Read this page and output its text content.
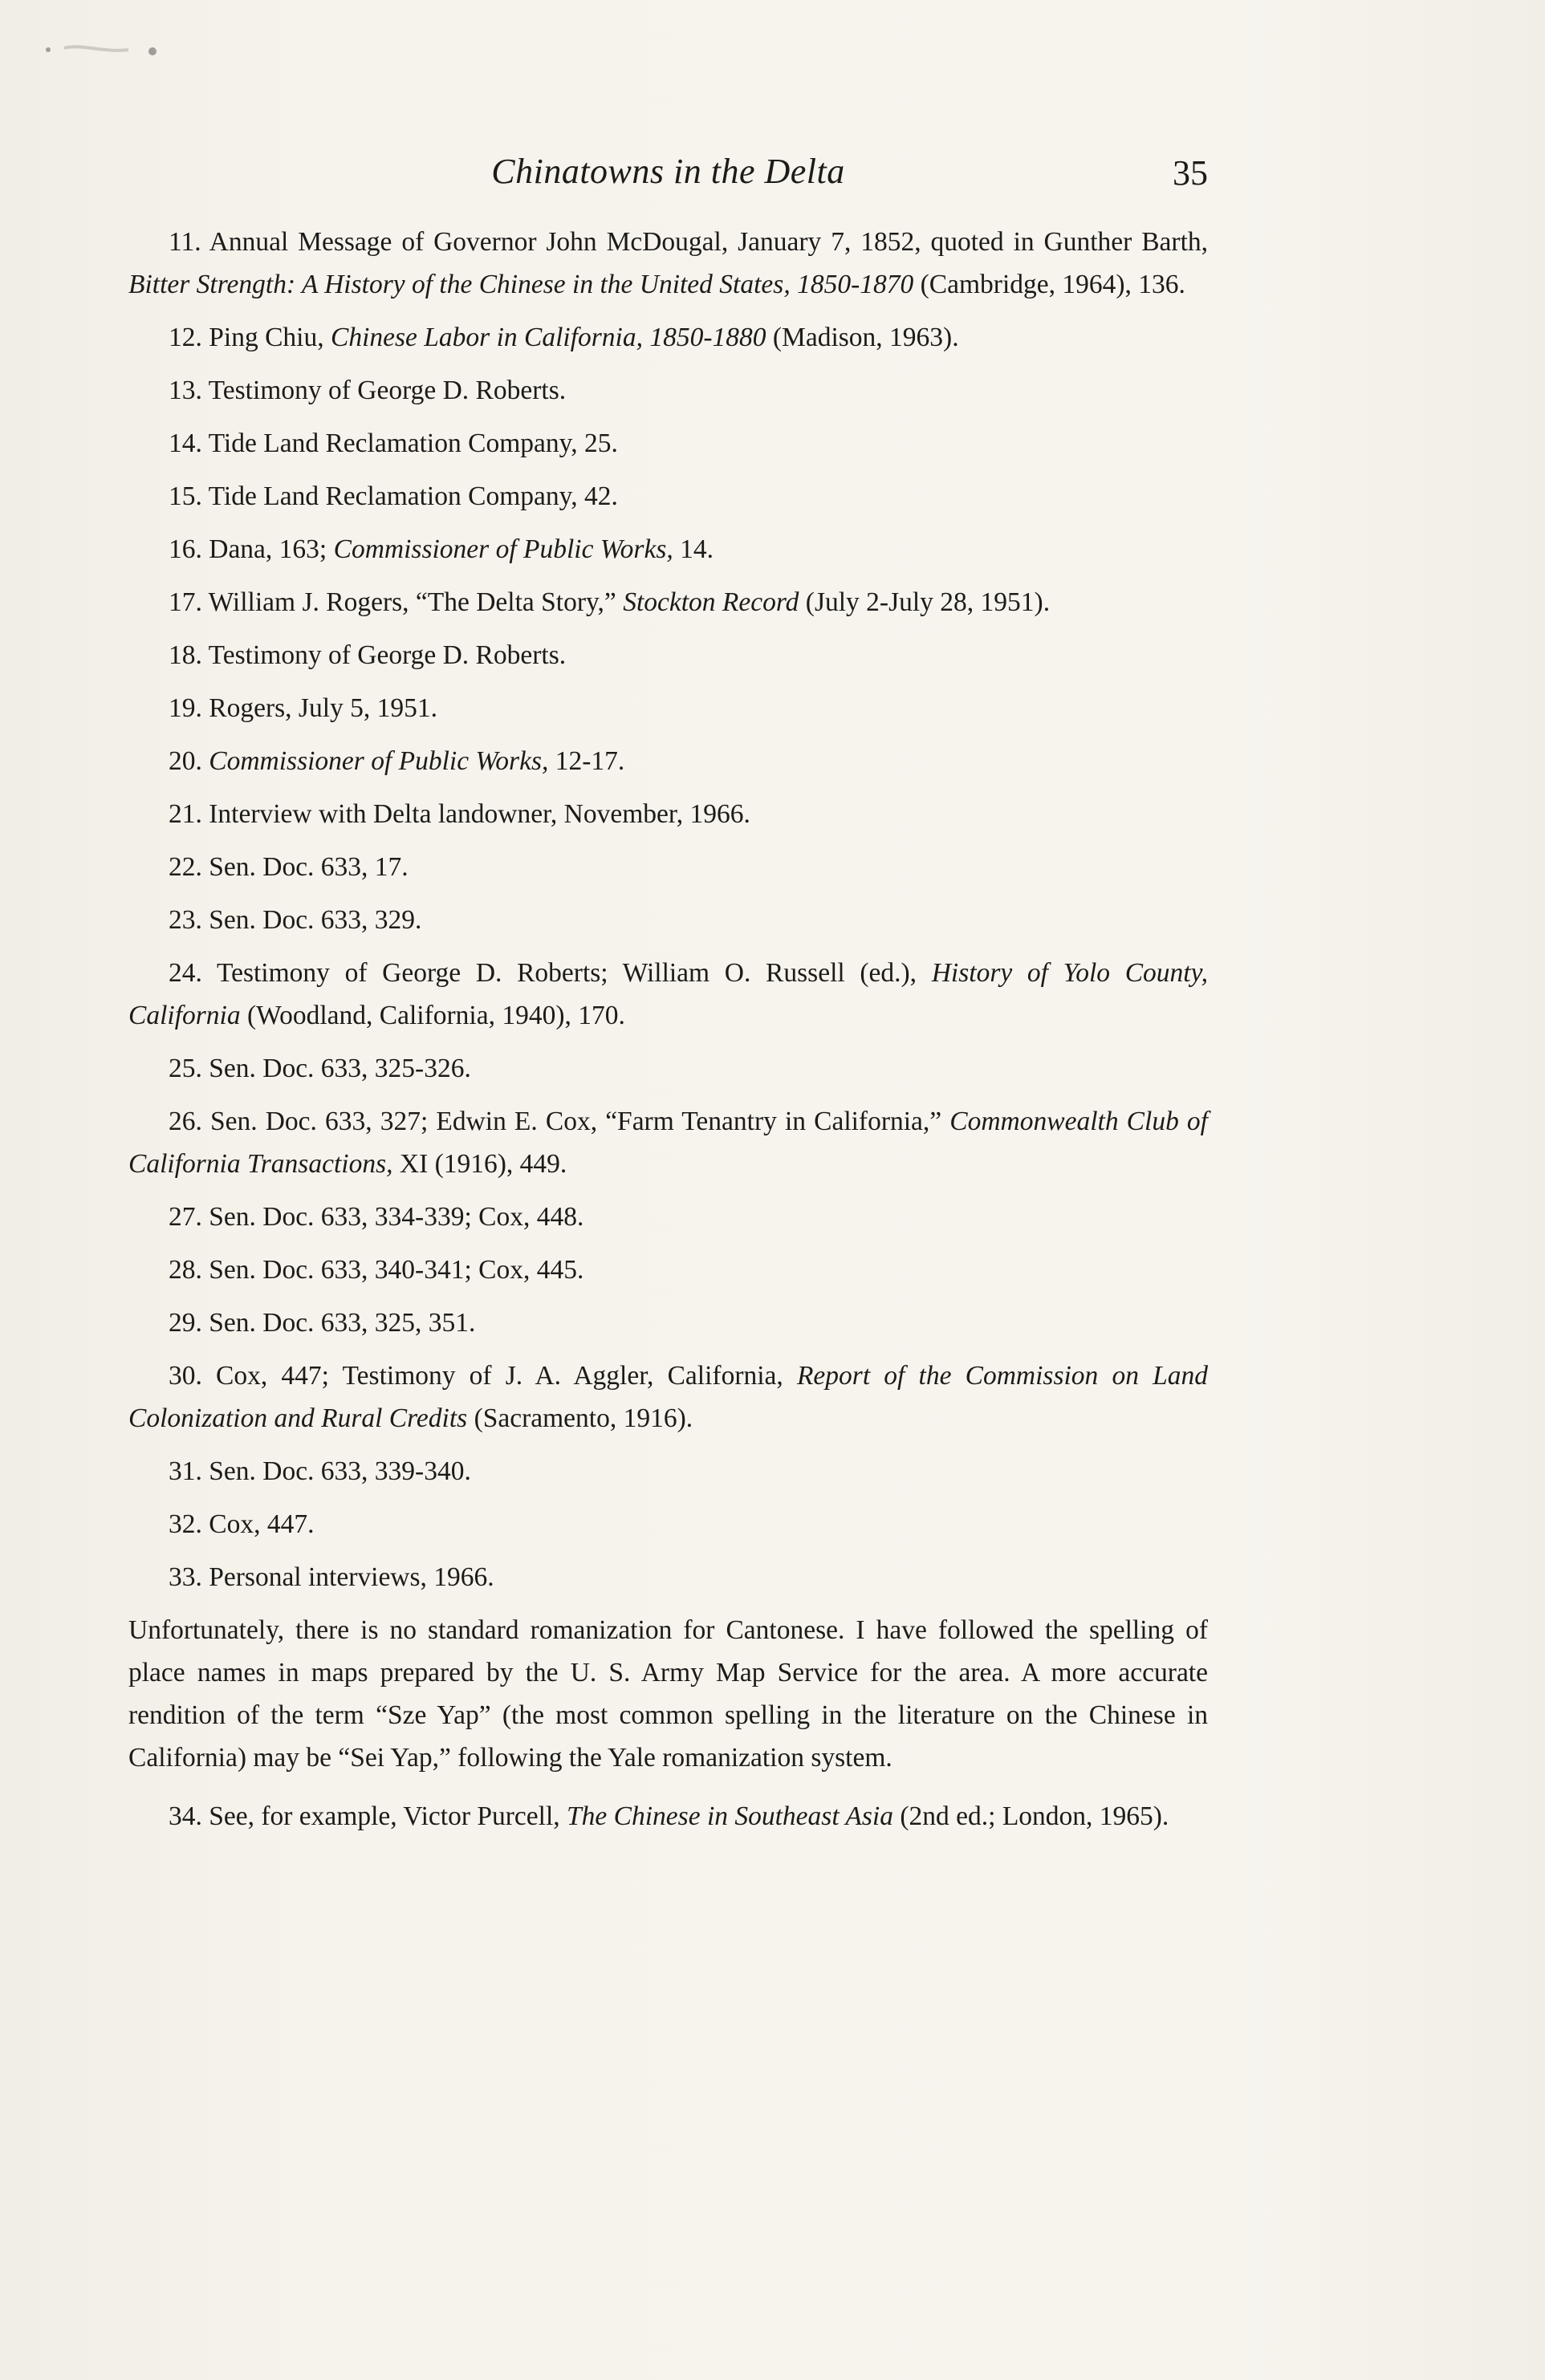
Chinatowns in the Delta	35

11. Annual Message of Governor John McDougal, January 7, 1852, quoted in Gunther Barth, Bitter Strength: A History of the Chinese in the United States, 1850-1870 (Cambridge, 1964), 136.

12. Ping Chiu, Chinese Labor in California, 1850-1880 (Madison, 1963).

13. Testimony of George D. Roberts.

14. Tide Land Reclamation Company, 25.

15. Tide Land Reclamation Company, 42.

16. Dana, 163; Commissioner of Public Works, 14.

17. William J. Rogers, “The Delta Story,” Stockton Record (July 2-July 28, 1951).

18. Testimony of George D. Roberts.

19. Rogers, July 5, 1951.

20. Commissioner of Public Works, 12-17.

21. Interview with Delta landowner, November, 1966.

22. Sen. Doc. 633, 17.

23. Sen. Doc. 633, 329.

24. Testimony of George D. Roberts; William O. Russell (ed.), History of Yolo County, California (Woodland, California, 1940), 170.

25. Sen. Doc. 633, 325-326.

26. Sen. Doc. 633, 327; Edwin E. Cox, “Farm Tenantry in California,” Commonwealth Club of California Transactions, XI (1916), 449.

27. Sen. Doc. 633, 334-339; Cox, 448.

28. Sen. Doc. 633, 340-341; Cox, 445.

29. Sen. Doc. 633, 325, 351.

30. Cox, 447; Testimony of J. A. Aggler, California, Report of the Commission on Land Colonization and Rural Credits (Sacramento, 1916).

31. Sen. Doc. 633, 339-340.

32. Cox, 447.

33. Personal interviews, 1966.

Unfortunately, there is no standard romanization for Cantonese. I have followed the spelling of place names in maps prepared by the U. S. Army Map Service for the area. A more accurate rendition of the term “Sze Yap” (the most common spelling in the literature on the Chinese in California) may be “Sei Yap,” following the Yale romanization system.

34. See, for example, Victor Purcell, The Chinese in Southeast Asia (2nd ed.; London, 1965).
